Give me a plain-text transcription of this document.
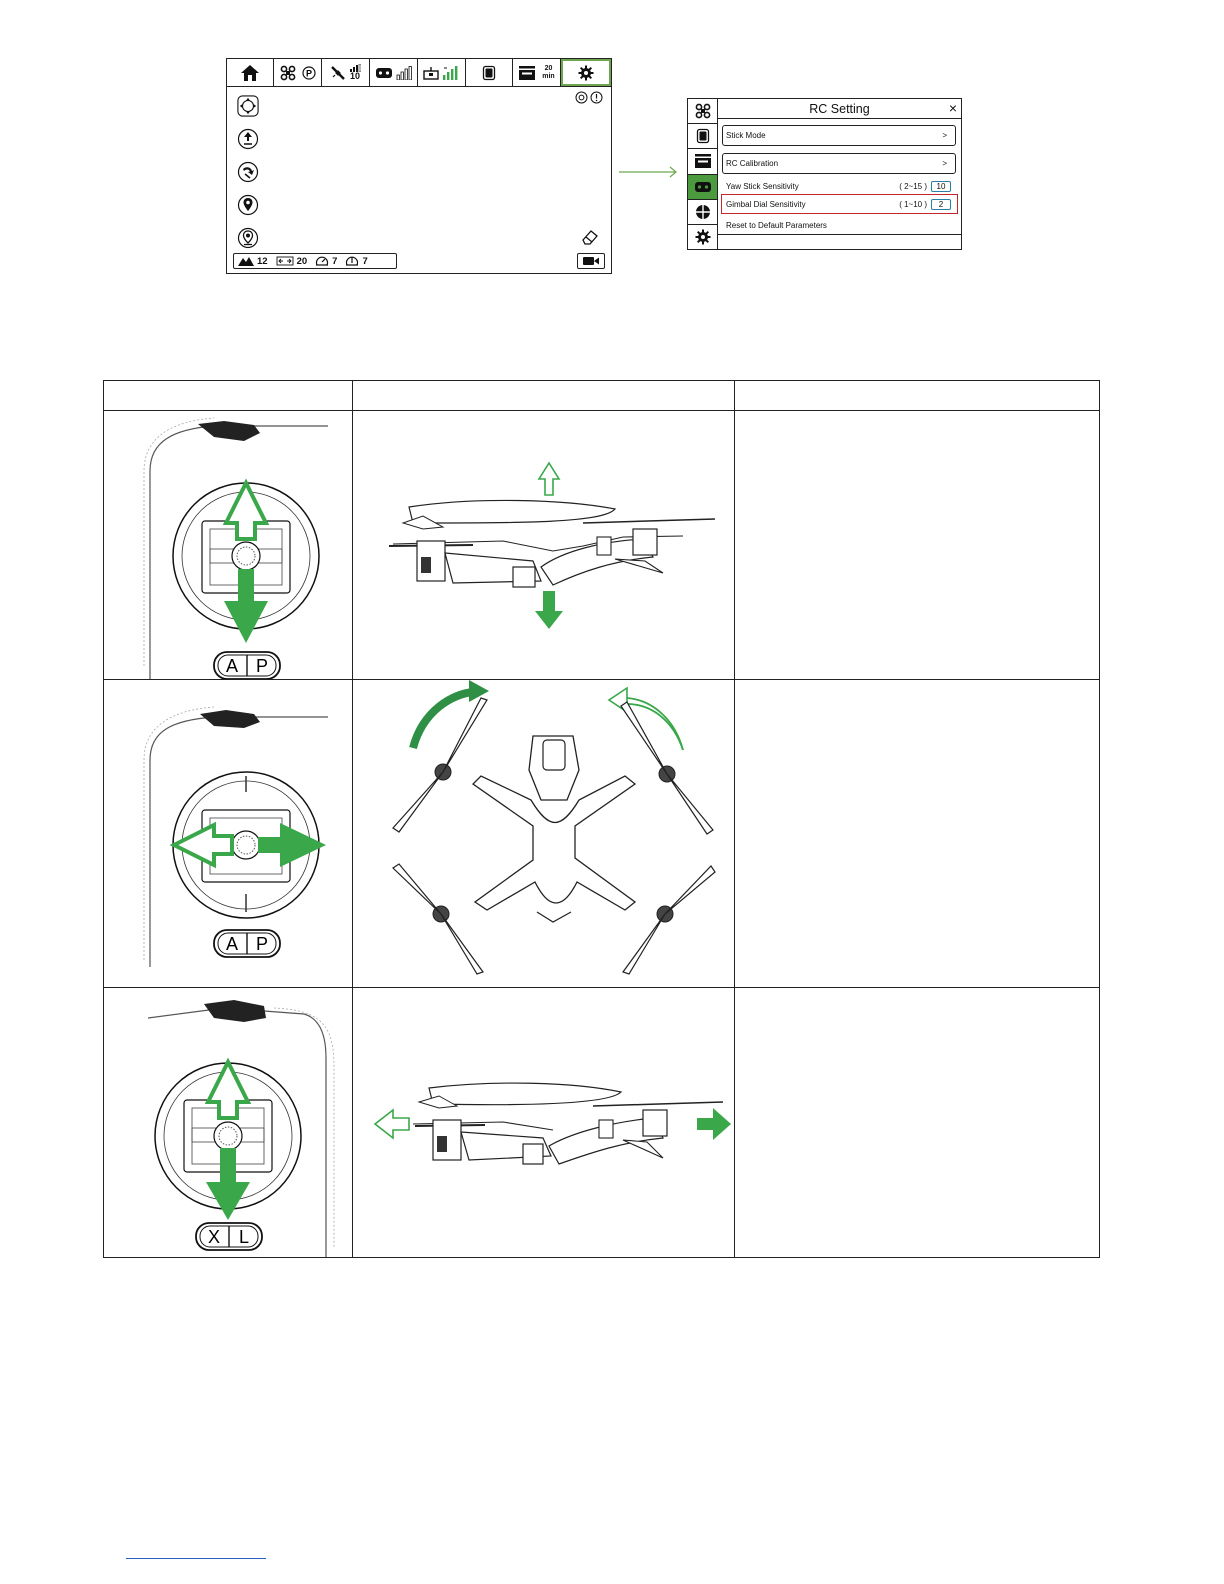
P	10
20
min
12	20	7	7
RC Setting	×
Stick Mode	>
RC Calibration	>
Yaw Stick Sensitivity	( 2~15 )	10
Gimbal Dial Sensitivity	( 1~10 )	2
Reset to Default Parameters

A P

A P

X L
